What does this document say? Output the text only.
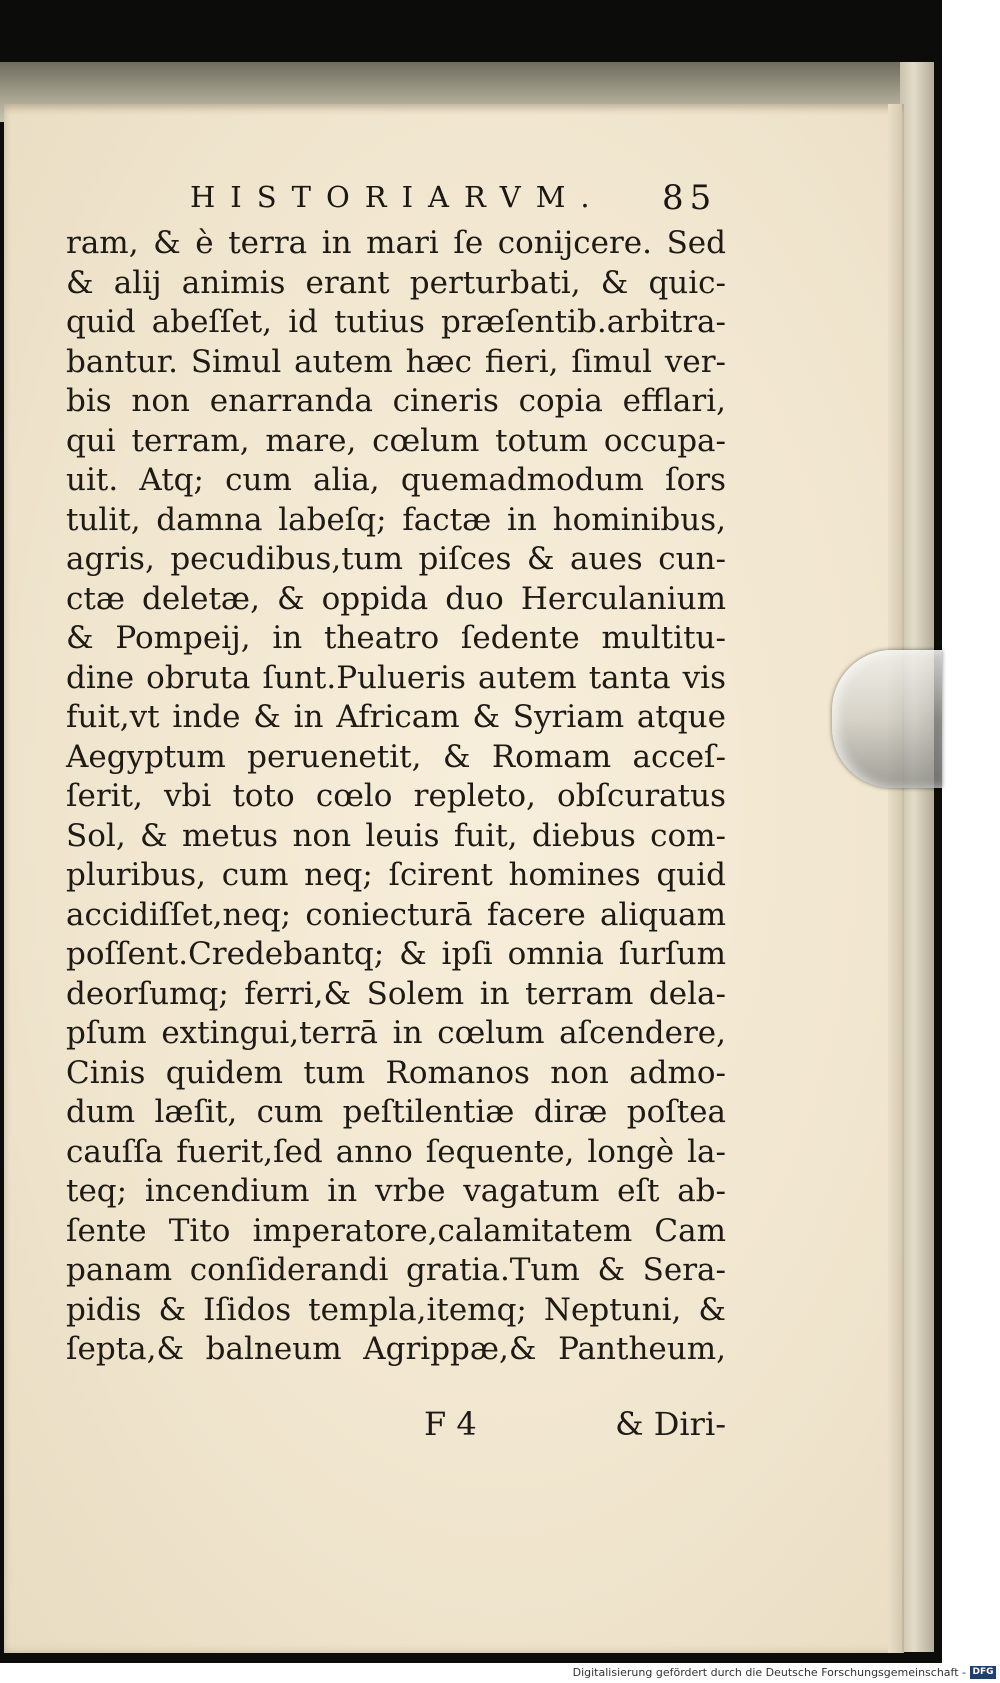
HISTORIARVM.	85
ram, & è terra in mari ſe conijcere. Sed
& alij animis erant perturbati, & quic-
quid abeſſet, id tutius præſentib.arbitra-
bantur. Simul autem hæc fieri, ſimul ver-
bis non enarranda cineris copia efflari,
qui terram, mare, cœlum totum occupa-
uit. Atq; cum alia, quemadmodum ſors
tulit, damna labeſq; factæ in hominibus,
agris, pecudibus,tum piſces & aues cun-
ctæ deletæ, & oppida duo Herculanium
& Pompeij, in theatro ſedente multitu-
dine obruta ſunt.Pulueris autem tanta vis
fuit,vt inde & in Africam & Syriam atque
Aegyptum peruenetit, & Romam acceſ-
ſerit, vbi toto cœlo repleto, obſcuratus
Sol, & metus non leuis fuit, diebus com-
pluribus, cum neq; ſcirent homines quid
accidiſſet,neq; coniecturā facere aliquam
poſſent.Credebantq; & ipſi omnia ſurſum
deorſumq; ferri,& Solem in terram dela-
pſum extingui,terrā in cœlum aſcendere,
Cinis quidem tum Romanos non admo-
dum læſit, cum peſtilentiæ diræ poſtea
cauſſa fuerit,ſed anno ſequente, longè la-
teq; incendium in vrbe vagatum eſt ab-
ſente Tito imperatore,calamitatem Cam
panam conſiderandi gratia.Tum & Sera-
pidis & Iſidos templa,itemq; Neptuni, &
ſepta,& balneum Agrippæ,& Pantheum,
F 4	& Diri-
Digitalisierung gefördert durch die Deutsche Forschungsgemeinschaft - DFG
